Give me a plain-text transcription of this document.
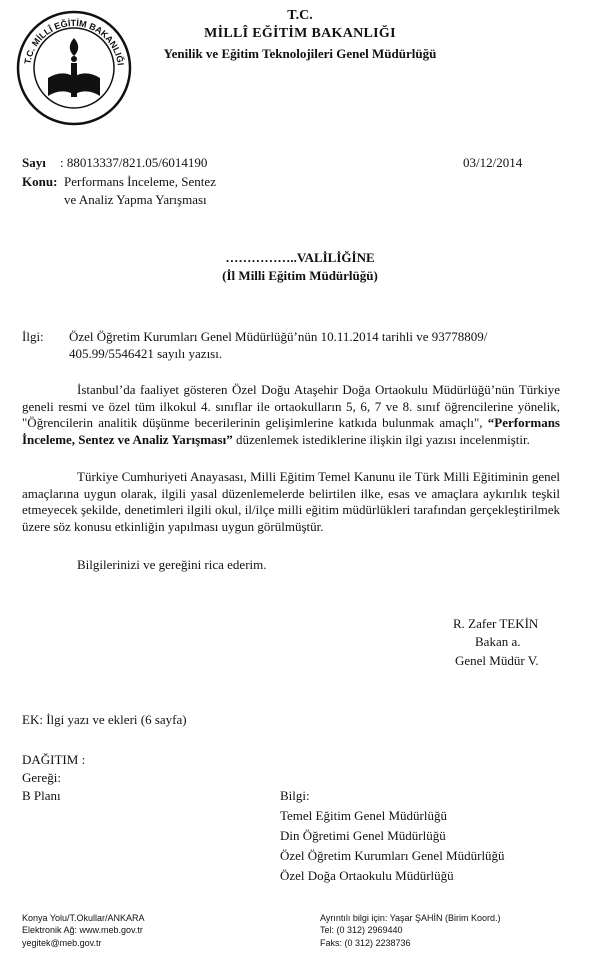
T.C. MİLLÎ EĞİTİM BAKANLIĞI
T.C.
MİLLÎ EĞİTİM BAKANLIĞI
Yenilik ve Eğitim Teknolojileri Genel Müdürlüğü
Sayı : 88013337/821.05/6014190	03/12/2014
Konu: Performans İnceleme, Sentez
ve Analiz Yapma Yarışması
……………..VALİLİĞİNE
(İl Milli Eğitim Müdürlüğü)
İlgi: Özel Öğretim Kurumları Genel Müdürlüğü’nün 10.11.2014 tarihli ve 93778809/
405.99/5546421 sayılı yazısı.
İstanbul’da faaliyet gösteren Özel Doğu Ataşehir Doğa Ortaokulu Müdürlüğü’nün Türkiye geneli resmi ve özel tüm ilkokul 4. sınıflar ile ortaokulların 5, 6, 7 ve 8. sınıf öğrencilerine yönelik, "Öğrencilerin analitik düşünme becerilerinin gelişimlerine katkıda bulunmak amaçlı", “Performans İnceleme, Sentez ve Analiz Yarışması” düzenlemek istediklerine ilişkin ilgi yazısı incelenmiştir.
Türkiye Cumhuriyeti Anayasası, Milli Eğitim Temel Kanunu ile Türk Milli Eğitiminin genel amaçlarına uygun olarak, ilgili yasal düzenlemelerde belirtilen ilke, esas ve amaçlara aykırılık teşkil etmeyecek şekilde, denetimleri ilgili okul, il/ilçe milli eğitim müdürlükleri tarafından gerçekleştirilmek üzere söz konusu etkinliğin yapılması uygun görülmüştür.
Bilgilerinizi ve gereğini rica ederim.
R. Zafer TEKİN
Bakan a.
Genel Müdür V.
EK: İlgi yazı ve ekleri (6 sayfa)
DAĞITIM :
Gereği:
B Planı	Bilgi:
Temel Eğitim Genel Müdürlüğü
Din Öğretimi Genel Müdürlüğü
Özel Öğretim Kurumları Genel Müdürlüğü
Özel Doğa Ortaokulu Müdürlüğü
Konya Yolu/T.Okullar/ANKARA
Elektronik Ağ: www.meb.gov.tr
yegitek@meb.gov.tr
Ayrıntılı bilgi için: Yaşar ŞAHİN (Birim Koord.)
Tel: (0 312) 2969440
Faks: (0 312) 2238736
